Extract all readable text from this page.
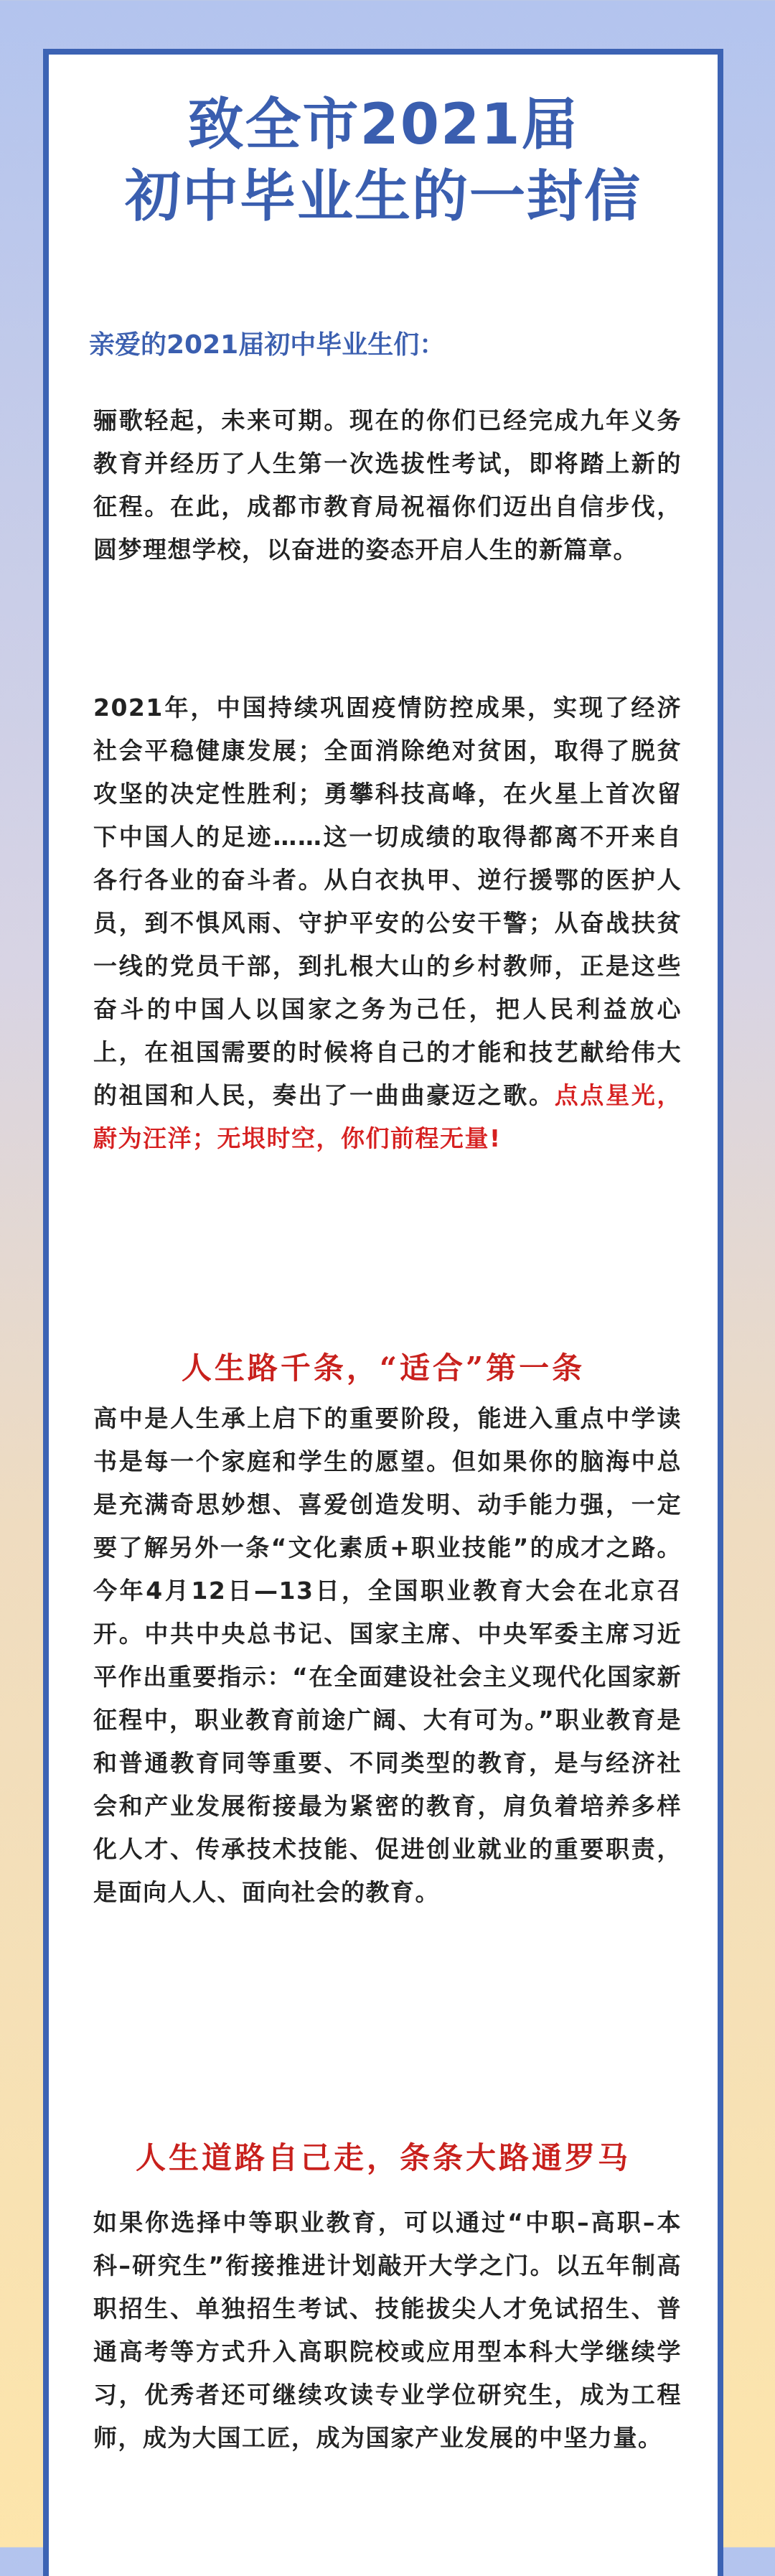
致全市2021届
初中毕业生的一封信
亲爱的2021届初中毕业生们：
骊歌轻起，未来可期。现在的你们已经完成九年义务教育并经历了人生第一次选拔性考试，即将踏上新的征程。在此，成都市教育局祝福你们迈出自信步伐，圆梦理想学校，以奋进的姿态开启人生的新篇章。
2021年，中国持续巩固疫情防控成果，实现了经济社会平稳健康发展；全面消除绝对贫困，取得了脱贫攻坚的决定性胜利；勇攀科技高峰，在火星上首次留下中国人的足迹……这一切成绩的取得都离不开来自各行各业的奋斗者。从白衣执甲、逆行援鄂的医护人员，到不惧风雨、守护平安的公安干警；从奋战扶贫一线的党员干部，到扎根大山的乡村教师，正是这些奋斗的中国人以国家之务为己任，把人民利益放心上，在祖国需要的时候将自己的才能和技艺献给伟大的祖国和人民，奏出了一曲曲豪迈之歌。点点星光，蔚为汪洋；无垠时空，你们前程无量!
人生路千条，“适合”第一条
高中是人生承上启下的重要阶段，能进入重点中学读书是每一个家庭和学生的愿望。但如果你的脑海中总是充满奇思妙想、喜爱创造发明、动手能力强，一定要了解另外一条“文化素质+职业技能”的成才之路。今年4月12日—13日，全国职业教育大会在北京召开。中共中央总书记、国家主席、中央军委主席习近平作出重要指示：“在全面建设社会主义现代化国家新征程中，职业教育前途广阔、大有可为。”职业教育是和普通教育同等重要、不同类型的教育，是与经济社会和产业发展衔接最为紧密的教育，肩负着培养多样化人才、传承技术技能、促进创业就业的重要职责，是面向人人、面向社会的教育。
人生道路自己走，条条大路通罗马
如果你选择中等职业教育，可以通过“中职–高职–本科–研究生”衔接推进计划敲开大学之门。以五年制高职招生、单独招生考试、技能拔尖人才免试招生、普通高考等方式升入高职院校或应用型本科大学继续学习，优秀者还可继续攻读专业学位研究生，成为工程师，成为大国工匠，成为国家产业发展的中坚力量。
